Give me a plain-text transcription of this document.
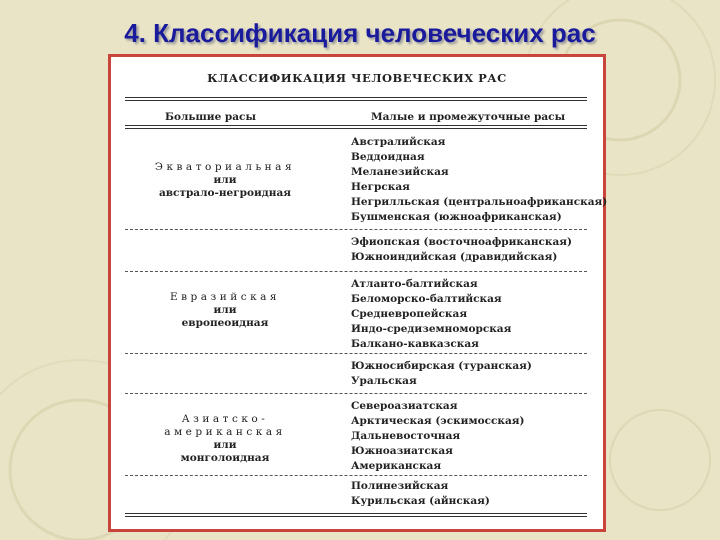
4. Классификация человеческих рас
КЛАССИФИКАЦИЯ ЧЕЛОВЕЧЕСКИХ РАС
Большие расы	Малые и промежуточные расы
Экваториальная
или
австрало-негроидная
Австралийская
Веддоидная
Меланезийская
Негрская
Негрилльская (центральноафриканская)
Бушменская (южноафриканская)
Эфиопская (восточноафриканская)
Южноиндийская (дравидийская)
Евразийская
или
европеоидная
Атланто-балтийская
Беломорско-балтийская
Средневропейская
Индо-средиземноморская
Балкано-кавказская
Южносибирская (туранская)
Уральская
Азиатско-американская
или
монголоидная
Североазиатская
Арктическая (эскимосская)
Дальневосточная
Южноазиатская
Американская
Полинезийская
Курильская (айнская)
